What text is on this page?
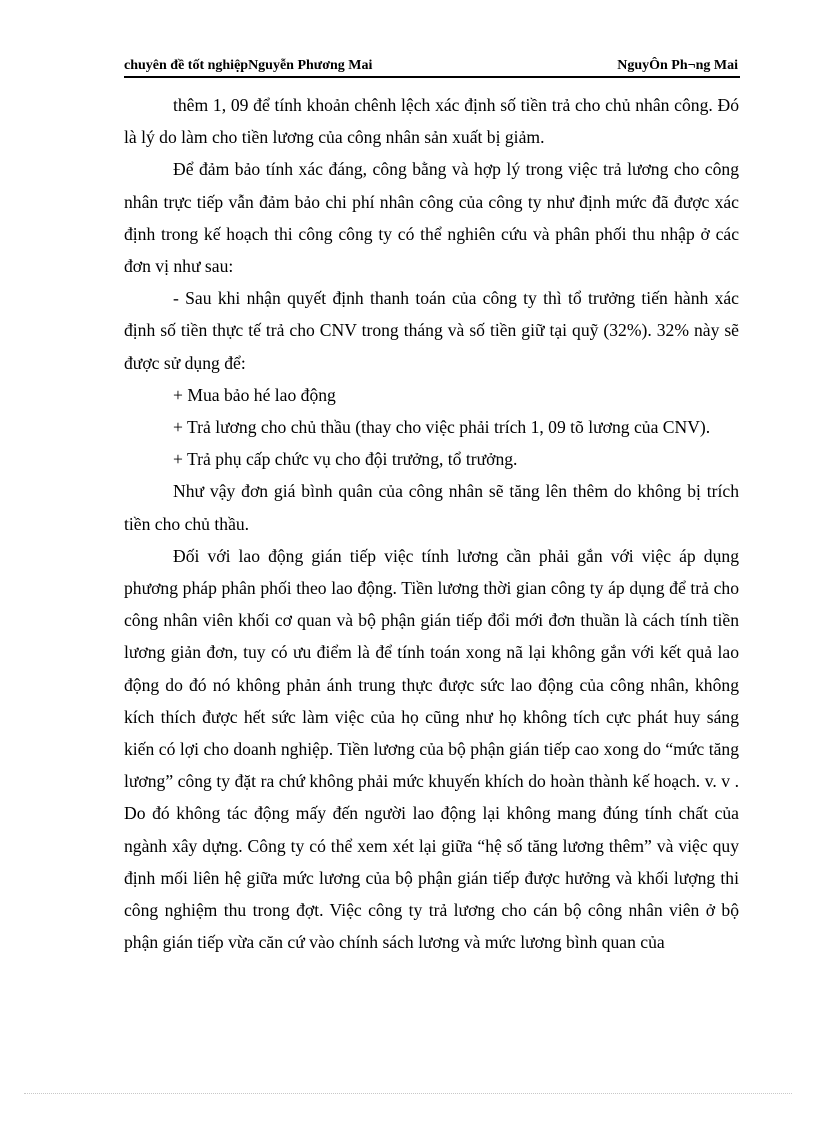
chuyên đề tốt nghiệpNguyễn Phương Mai	NguyÔn Ph¬ng Mai

thêm 1, 09 để tính khoản chênh lệch xác định số tiền trả cho chủ nhân công. Đó là lý do làm cho tiền lương của công nhân sản xuất bị giảm.

Để đảm bảo tính xác đáng, công bằng và hợp lý trong việc trả lương cho công nhân trực tiếp vẫn đảm bảo chi phí nhân công của công ty như định mức đã được xác định trong kế hoạch thi công công ty có thể nghiên cứu và phân phối thu nhập ở các đơn vị như sau:

- Sau khi nhận quyết định thanh toán của công ty thì tổ trưởng tiến hành xác định số tiền thực tế trả cho CNV trong tháng và số tiền giữ tại quỹ (32%). 32% này sẽ được sử dụng để:

+ Mua bảo hé lao động

+ Trả lương cho chủ thầu (thay cho việc phải trích 1, 09 tõ lương của CNV).

+ Trả phụ cấp chức vụ cho đội trưởng, tổ trưởng.

Như vậy đơn giá bình quân của công nhân sẽ tăng lên thêm do không bị trích tiền cho chủ thầu.

Đối với lao động gián tiếp việc tính lương cần phải gắn với việc áp dụng phương pháp phân phối theo lao động. Tiền lương thời gian công ty áp dụng để trả cho công nhân viên khối cơ quan và bộ phận gián tiếp đổi mới đơn thuần là cách tính tiền lương giản đơn, tuy có ưu điểm là để tính toán xong nã lại không gắn với kết quả lao động do đó nó không phản ánh trung thực được sức lao động của công nhân, không kích thích được hết sức làm việc của họ cũng như họ không tích cực phát huy sáng kiến có lợi cho doanh nghiệp. Tiền lương của bộ phận gián tiếp cao xong do “mức tăng lương” công ty đặt ra chứ không phải mức khuyến khích do hoàn thành kế hoạch. v. v . Do đó không tác động mấy đến người lao động lại không mang đúng tính chất của ngành xây dựng. Công ty có thể xem xét lại giữa “hệ số tăng lương thêm” và việc quy định mối liên hệ giữa mức lương của bộ phận gián tiếp được hưởng và khối lượng thi công nghiệm thu trong đợt. Việc công ty trả lương cho cán bộ công nhân viên ở bộ phận gián tiếp vừa căn cứ vào chính sách lương và mức lương bình quan của
